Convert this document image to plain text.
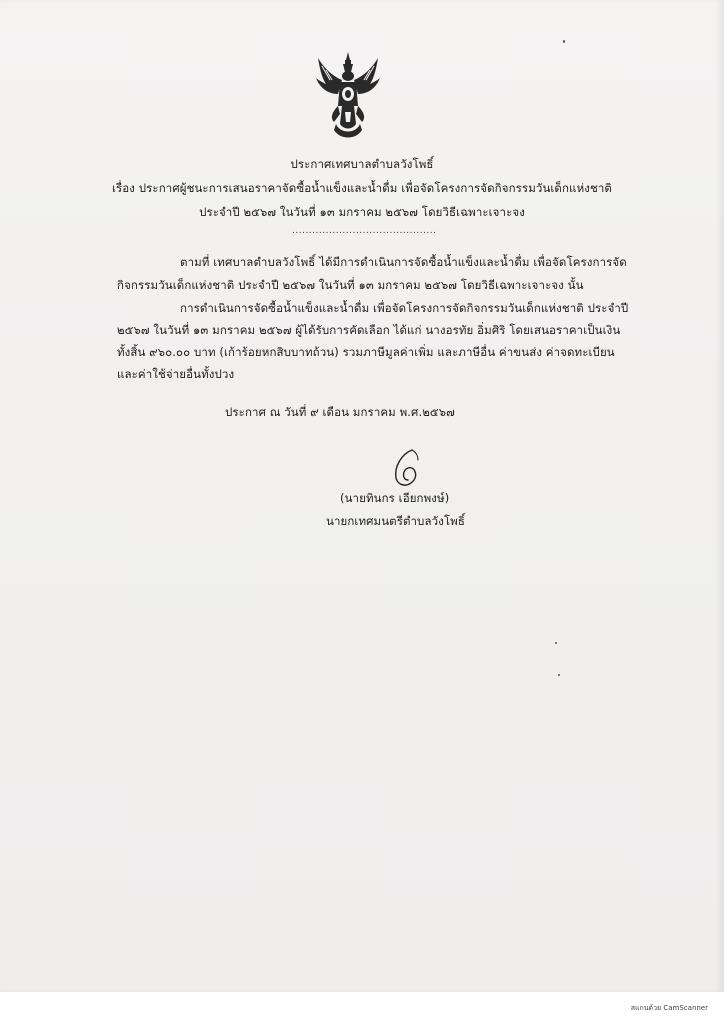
ประกาศเทศบาลตำบลวังโพธิ์
เรื่อง ประกาศผู้ชนะการเสนอราคาจัดซื้อน้ำแข็งและน้ำดื่ม เพื่อจัดโครงการจัดกิจกรรมวันเด็กแห่งชาติ
ประจำปี ๒๕๖๗ ในวันที่ ๑๓ มกราคม ๒๕๖๗ โดยวิธีเฉพาะเจาะจง
...........................................
ตามที่ เทศบาลตำบลวังโพธิ์ ได้มีการดำเนินการจัดซื้อน้ำแข็งและน้ำดื่ม เพื่อจัดโครงการจัด
กิจกรรมวันเด็กแห่งชาติ ประจำปี ๒๕๖๗ ในวันที่ ๑๓ มกราคม ๒๕๖๗ โดยวิธีเฉพาะเจาะจง นั้น
การดำเนินการจัดซื้อน้ำแข็งและน้ำดื่ม เพื่อจัดโครงการจัดกิจกรรมวันเด็กแห่งชาติ ประจำปี
๒๕๖๗ ในวันที่ ๑๓ มกราคม ๒๕๖๗ ผู้ได้รับการคัดเลือก ได้แก่ นางอรทัย อิ่มศิริ โดยเสนอราคาเป็นเงิน
ทั้งสิ้น ๙๖๐.๐๐ บาท (เก้าร้อยหกสิบบาทถ้วน) รวมภาษีมูลค่าเพิ่ม และภาษีอื่น ค่าขนส่ง ค่าจดทะเบียน
และค่าใช้จ่ายอื่นทั้งปวง
ประกาศ ณ วันที่ ๙ เดือน มกราคม พ.ศ.๒๕๖๗
(นายทินกร เอียกพงษ์)
นายกเทศมนตรีตำบลวังโพธิ์
สแกนด้วย CamScanner
